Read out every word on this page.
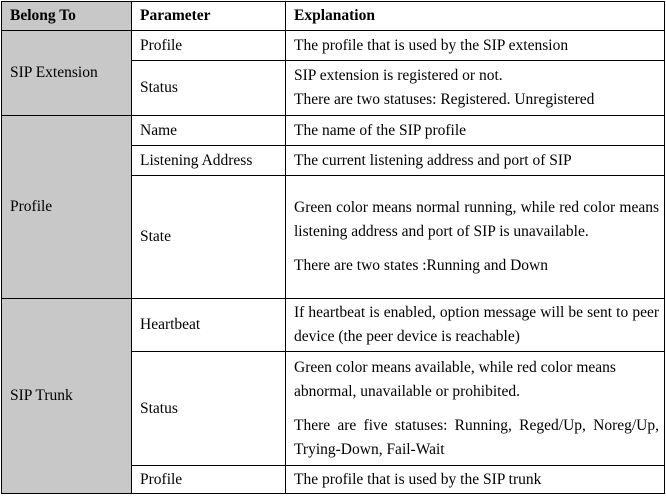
Belong To	Parameter	Explanation
SIP Extension	Profile	The profile that is used by the SIP extension

	Status	SIP extension is registered or not.
There are two statuses: Registered. Unregistered

Profile	Name	The name of the SIP profile

	Listening Address	The current listening address and port of SIP

	State	Green color means normal running, while red color means listening address and port of SIP is unavailable.
There are two states :Running and Down

SIP Trunk	Heartbeat	If heartbeat is enabled, option message will be sent to peer device (the peer device is reachable)

	Status	Green color means available, while red color means abnormal, unavailable or prohibited.
There are five statuses: Running, Reged/Up, Noreg/Up, Trying-Down, Fail-Wait

	Profile	The profile that is used by the SIP trunk
